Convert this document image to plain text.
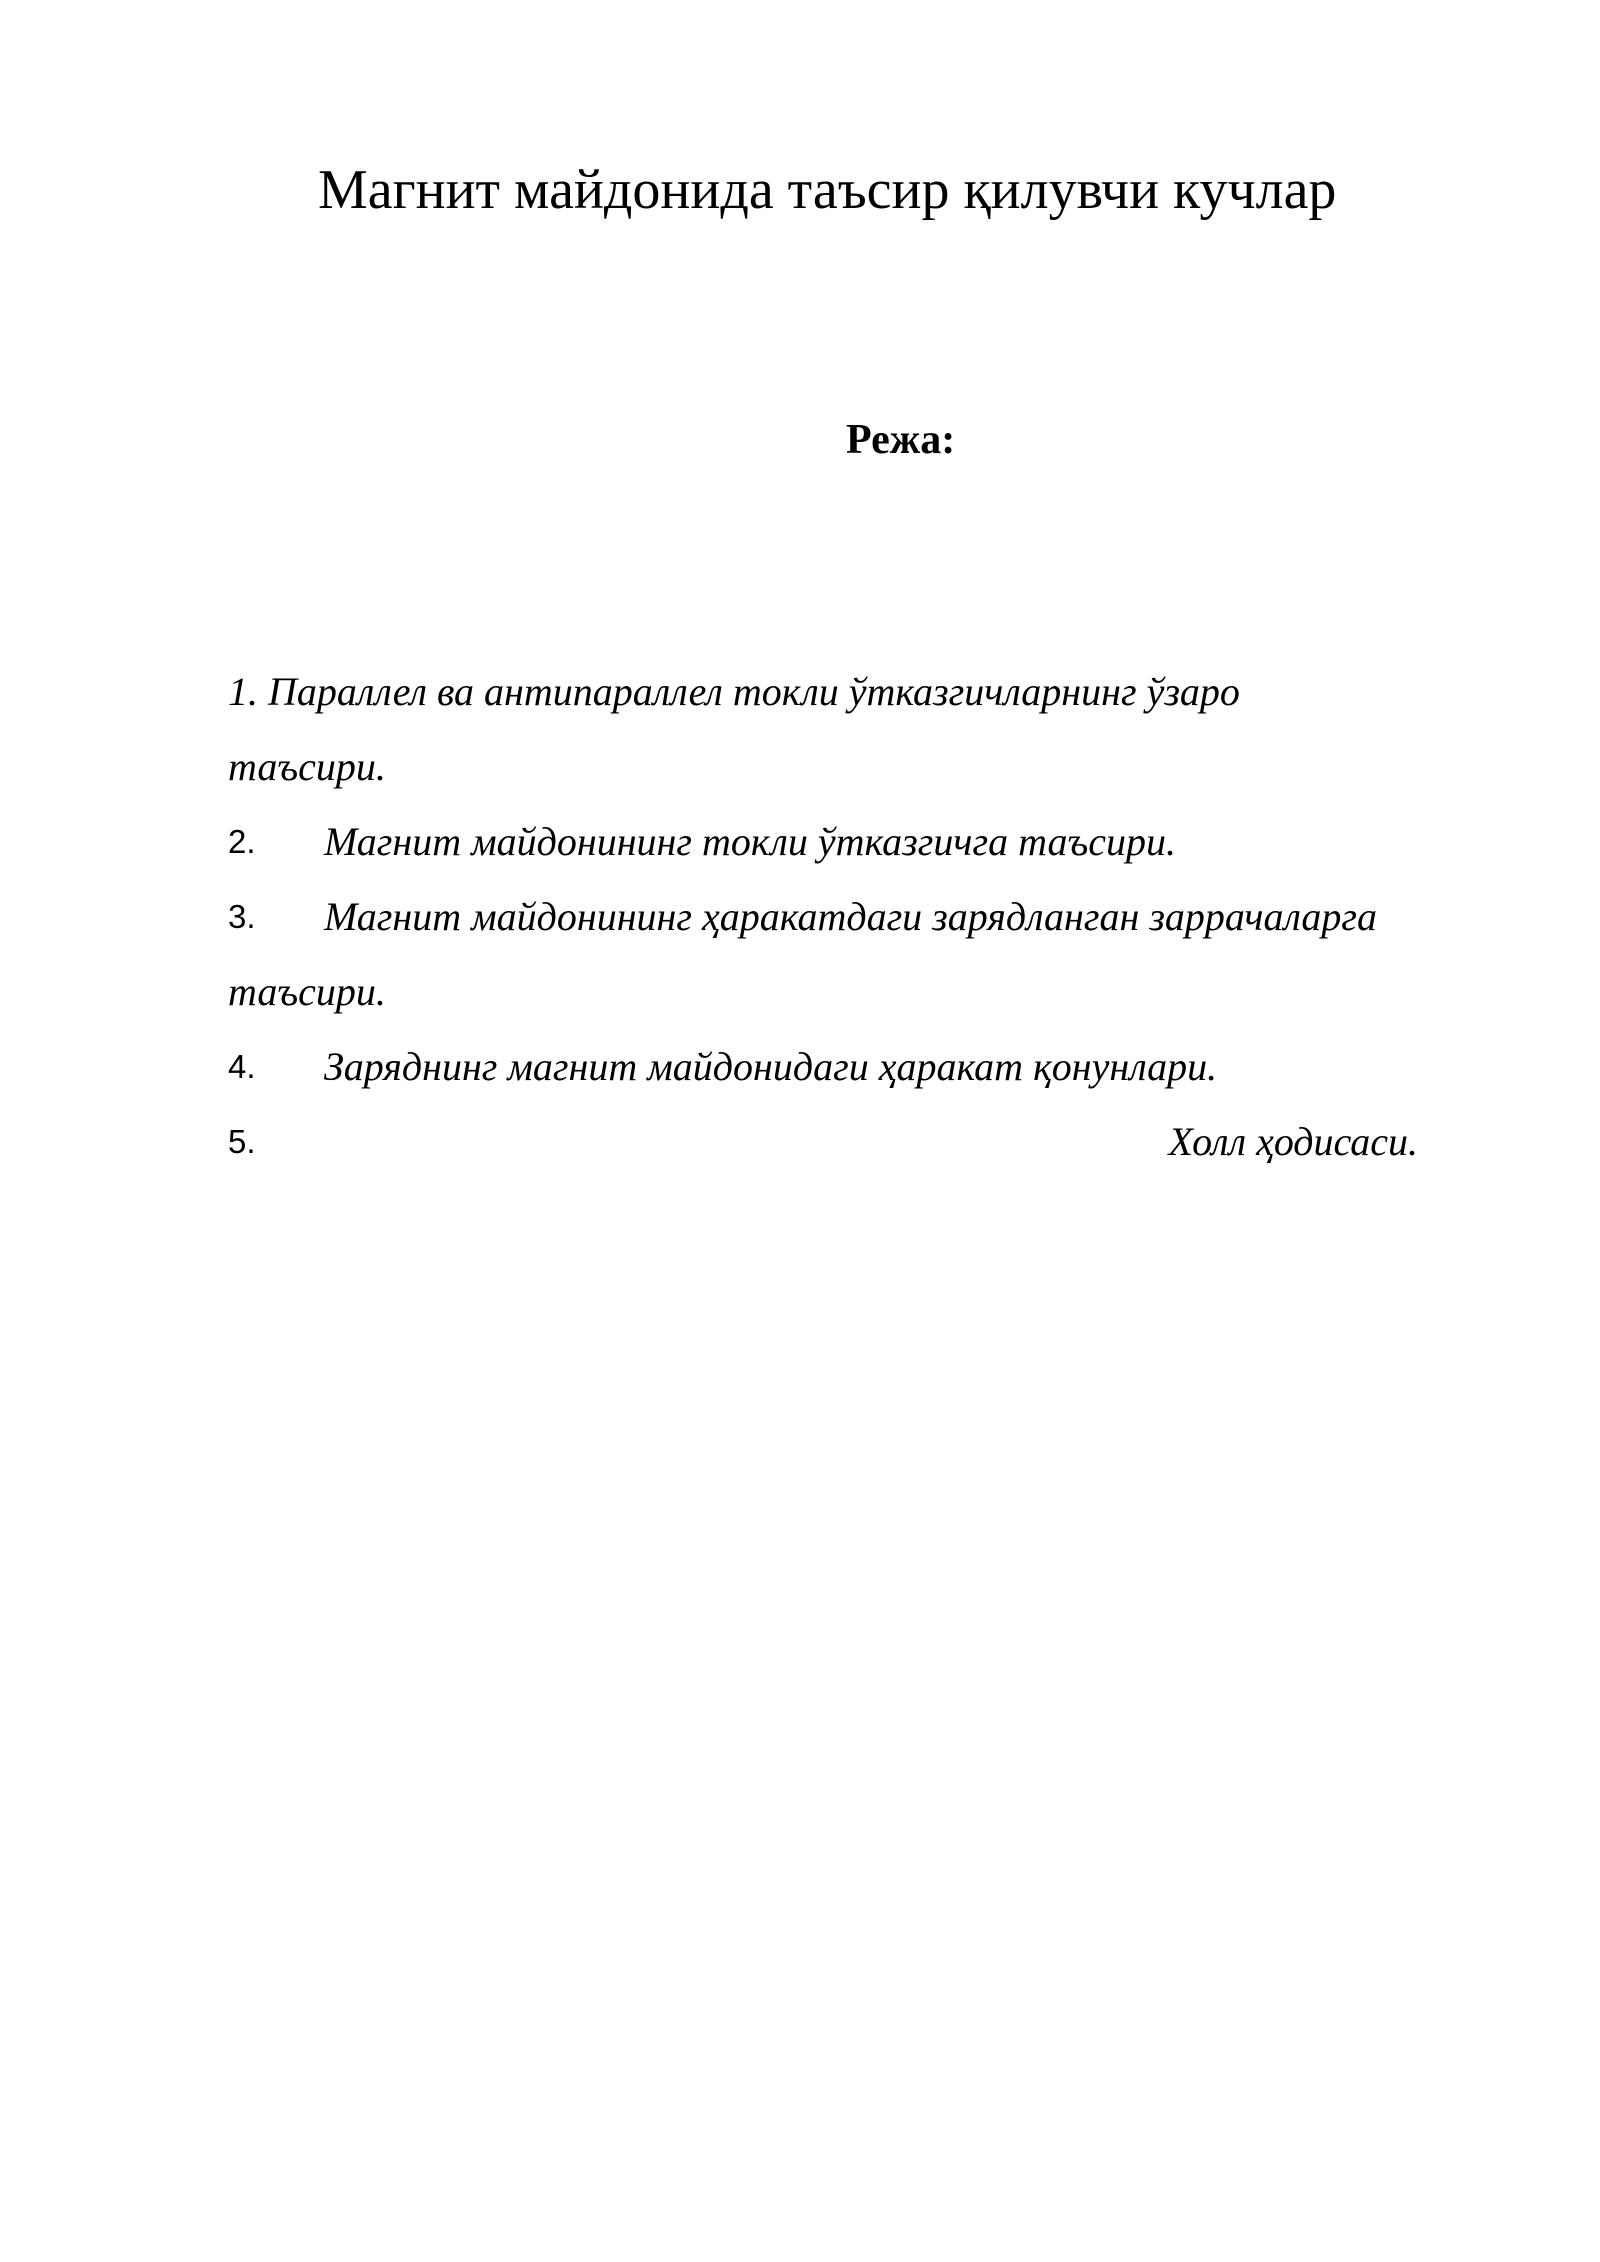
Магнит майдонида таъсир қилувчи кучлар
Режа:
1. Параллел ва антипараллел токли ўтказгичларнинг ўзаро
таъсири.
2. Магнит майдонининг токли ўтказгичга таъсири.
3. Магнит майдонининг ҳаракатдаги зарядланган заррачаларга
таъсири.
4. Заряднинг магнит майдонидаги ҳаракат қонунлари.
5.	Холл ҳодисаси.
